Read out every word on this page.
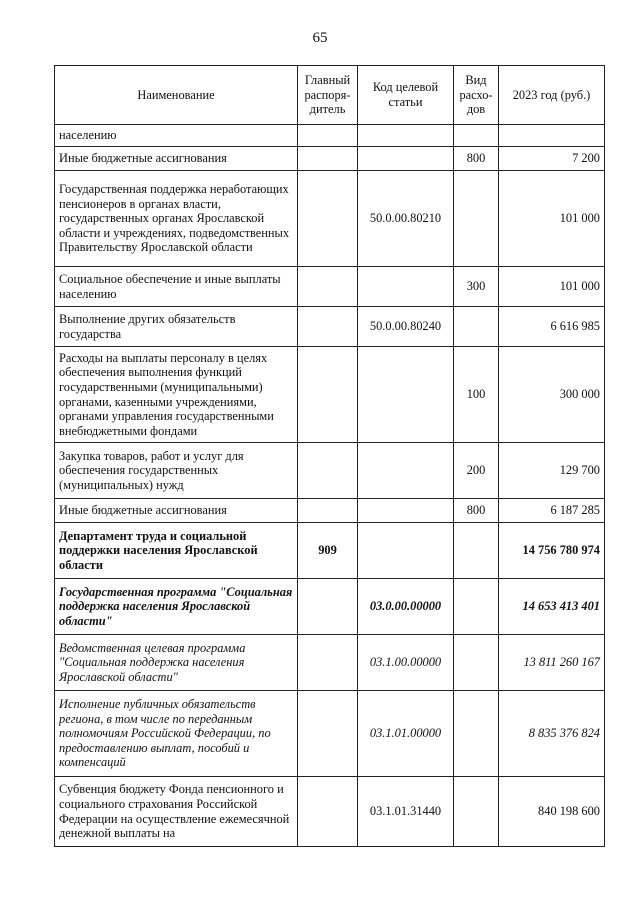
65
Наименование	Главный распоря-дитель	Код целевой статьи	Вид расхо-дов	2023 год (руб.)
населению				
Иные бюджетные ассигнования			800	7 200
Государственная поддержка неработающих пенсионеров в органах власти, государственных органах Ярославской области и учреждениях, подведомственных Правительству Ярославской области		50.0.00.80210		101 000
Социальное обеспечение и иные выплаты населению			300	101 000
Выполнение других обязательств государства		50.0.00.80240		6 616 985
Расходы на выплаты персоналу в целях обеспечения выполнения функций государственными (муниципальными) органами, казенными учреждениями, органами управления государственными внебюджетными фондами			100	300 000
Закупка товаров, работ и услуг для обеспечения государственных (муниципальных) нужд			200	129 700
Иные бюджетные ассигнования			800	6 187 285
Департамент труда и социальной поддержки населения Ярославской области	909			14 756 780 974
Государственная программа "Социальная поддержка населения Ярославской области"		03.0.00.00000		14 653 413 401
Ведомственная целевая программа "Социальная поддержка населения Ярославской области"		03.1.00.00000		13 811 260 167
Исполнение публичных обязательств региона, в том числе по переданным полномочиям Российской Федерации, по предоставлению выплат, пособий и компенсаций		03.1.01.00000		8 835 376 824
Субвенция бюджету Фонда пенсионного и социального страхования Российской Федерации на осуществление ежемесячной денежной выплаты на		03.1.01.31440		840 198 600
